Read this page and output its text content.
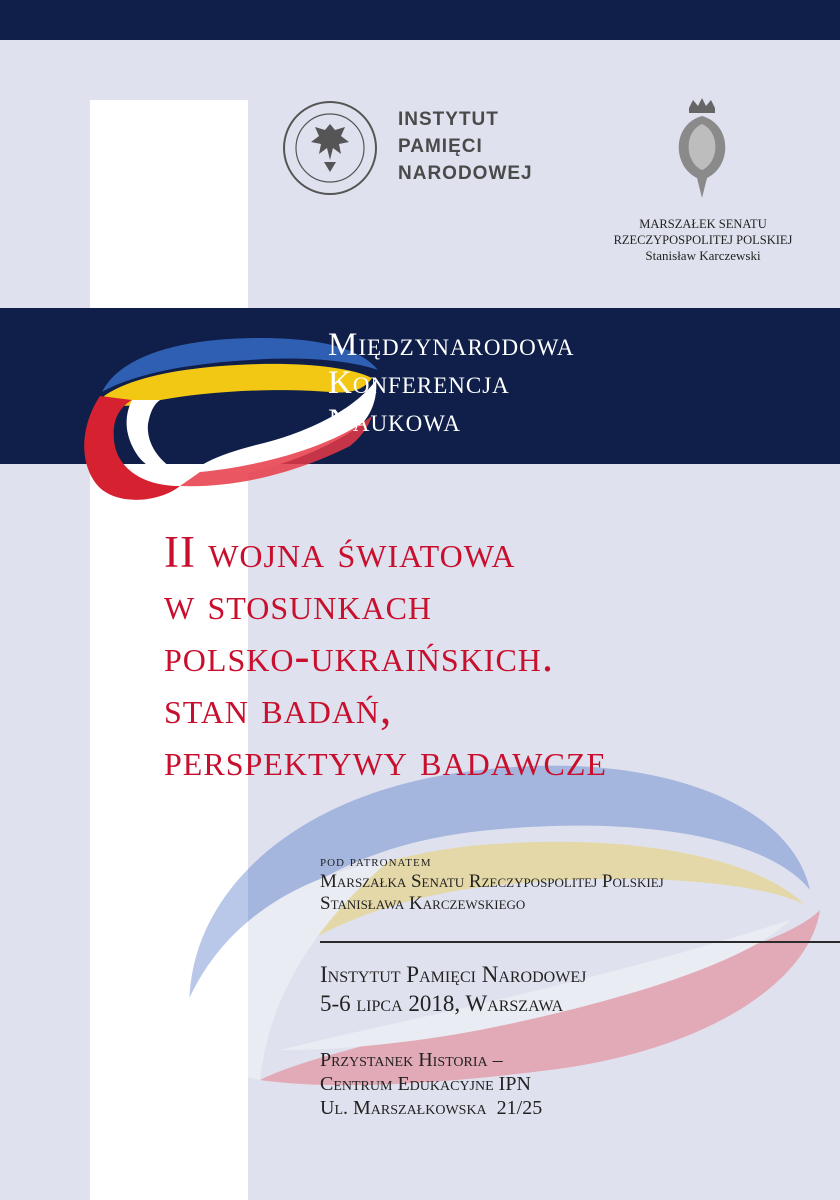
Międzynarodowa
Konferencja
Naukowa
INSTYTUT
PAMIĘCI
NARODOWEJ
MARSZAŁEK SENATU
RZECZYPOSPOLITEJ POLSKIEJ
Stanisław Karczewski
II wojna światowa
w stosunkach
polsko-ukraińskich.
stan badań,
perspektywy badawcze
pod patronatem
Marszałka Senatu Rzeczypospolitej Polskiej
Stanisława Karczewskiego
Instytut Pamięci Narodowej
5-6 lipca 2018, Warszawa
Przystanek Historia –
Centrum Edukacyjne IPN
Ul. Marszałkowska  21/25
